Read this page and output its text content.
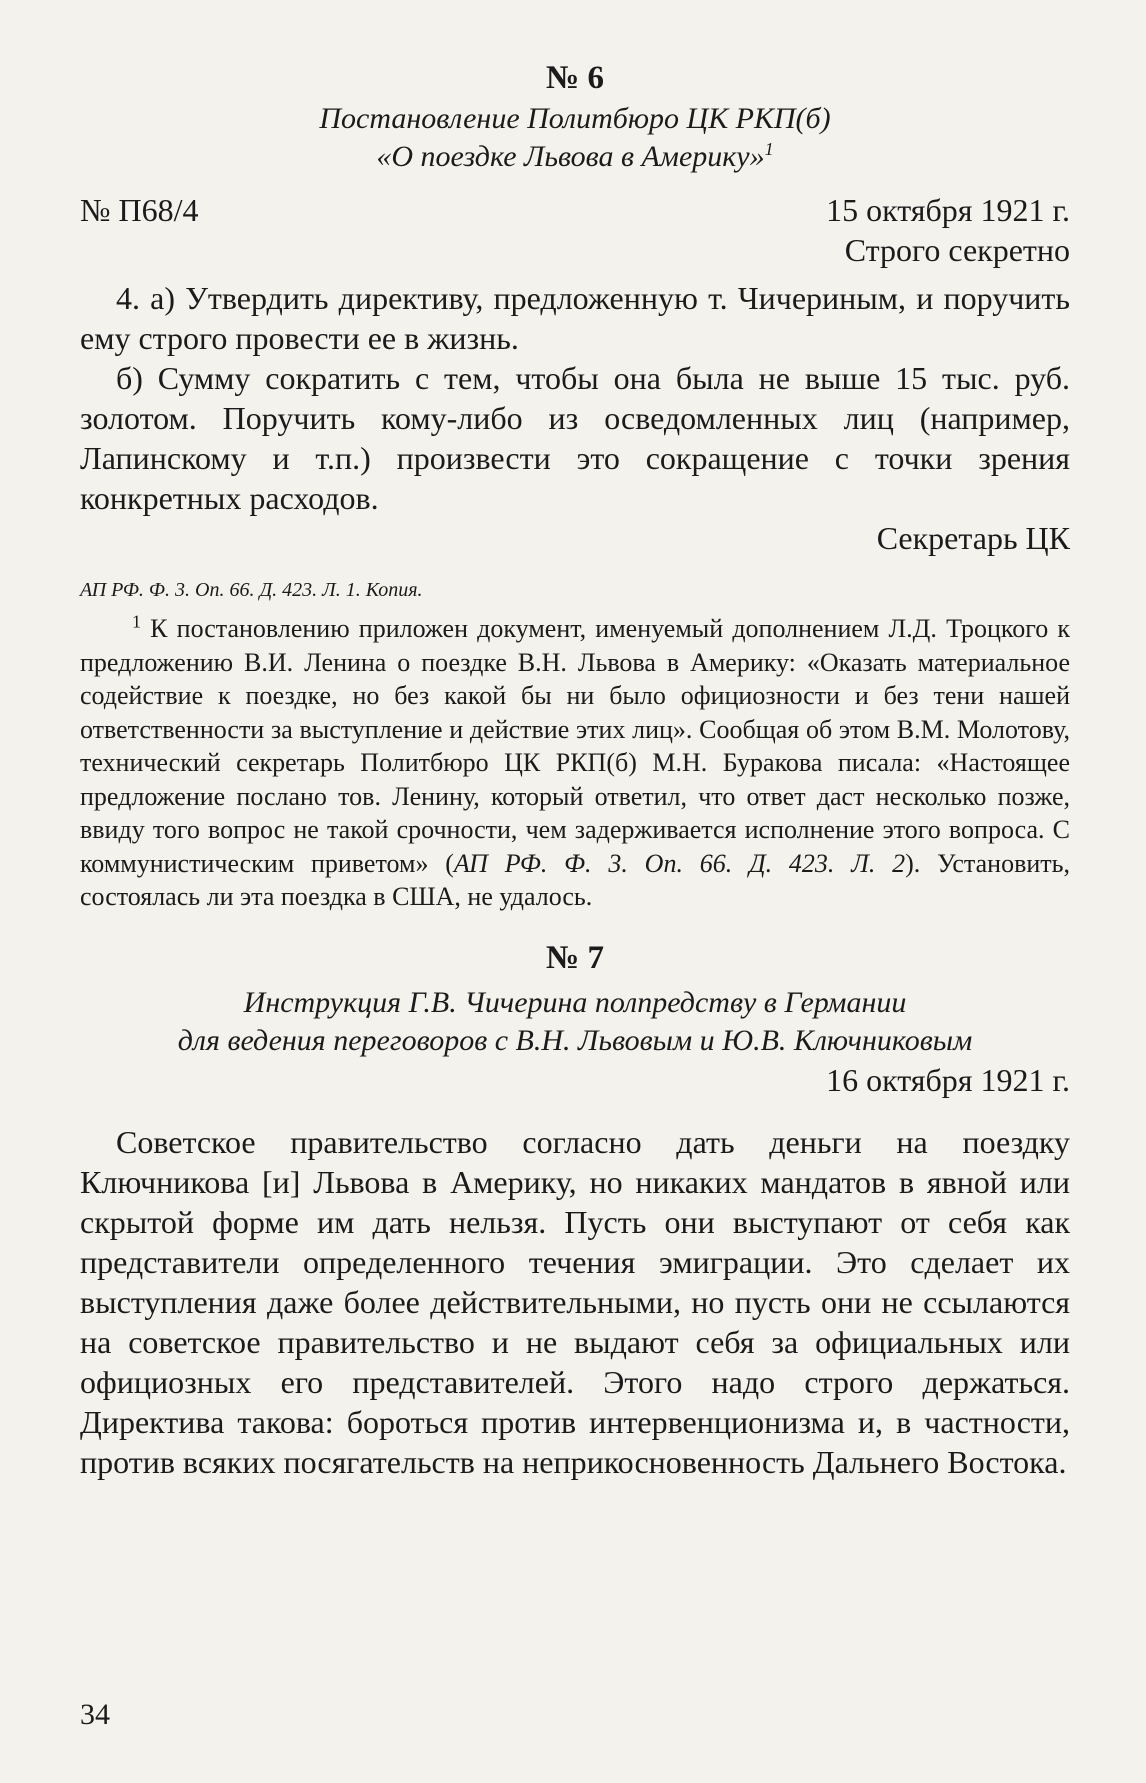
№ 6

Постановление Политбюро ЦК РКП(б)
«О поездке Львова в Америку»$^1$
№ П68/4	15 октября 1921 г.
Строго секретно

4. а) Утвердить директиву, предложенную т. Чичериным, и поручить ему строго провести ее в жизнь.

б) Сумму сократить с тем, чтобы она была не выше 15 тыс. руб. золотом. Поручить кому-либо из осведомленных лиц (например, Лапинскому и т.п.) произвести это сокращение с точки зрения конкретных расходов.

Секретарь ЦК

АП РФ. Ф. 3. Оп. 66. Д. 423. Л. 1. Копия.

$^1$ К постановлению приложен документ, именуемый дополнением Л.Д. Троцкого к предложению В.И. Ленина о поездке В.Н. Львова в Америку: «Оказать материальное содействие к поездке, но без какой бы ни было официозности и без тени нашей ответственности за выступление и действие этих лиц». Сообщая об этом В.М. Молотову, технический секретарь Политбюро ЦК РКП(б) М.Н. Буракова писала: «Настоящее предложение послано тов. Ленину, который ответил, что ответ даст несколько позже, ввиду того вопрос не такой срочности, чем задерживается исполнение этого вопроса. С коммунистическим приветом» (АП РФ. Ф. 3. Оп. 66. Д. 423. Л. 2). Установить, состоялась ли эта поездка в США, не удалось.

№ 7

Инструкция Г.В. Чичерина полпредству в Германии
для ведения переговоров с В.Н. Львовым и Ю.В. Ключниковым
16 октября 1921 г.

Советское правительство согласно дать деньги на поездку Ключникова [и] Львова в Америку, но никаких мандатов в явной или скрытой форме им дать нельзя. Пусть они выступают от себя как представители определенного течения эмиграции. Это сделает их выступления даже более действительными, но пусть они не ссылаются на советское правительство и не выдают себя за официальных или официозных его представителей. Этого надо строго держаться. Директива такова: бороться против интервенционизма и, в частности, против всяких посягательств на неприкосновенность Дальнего Востока.

34
